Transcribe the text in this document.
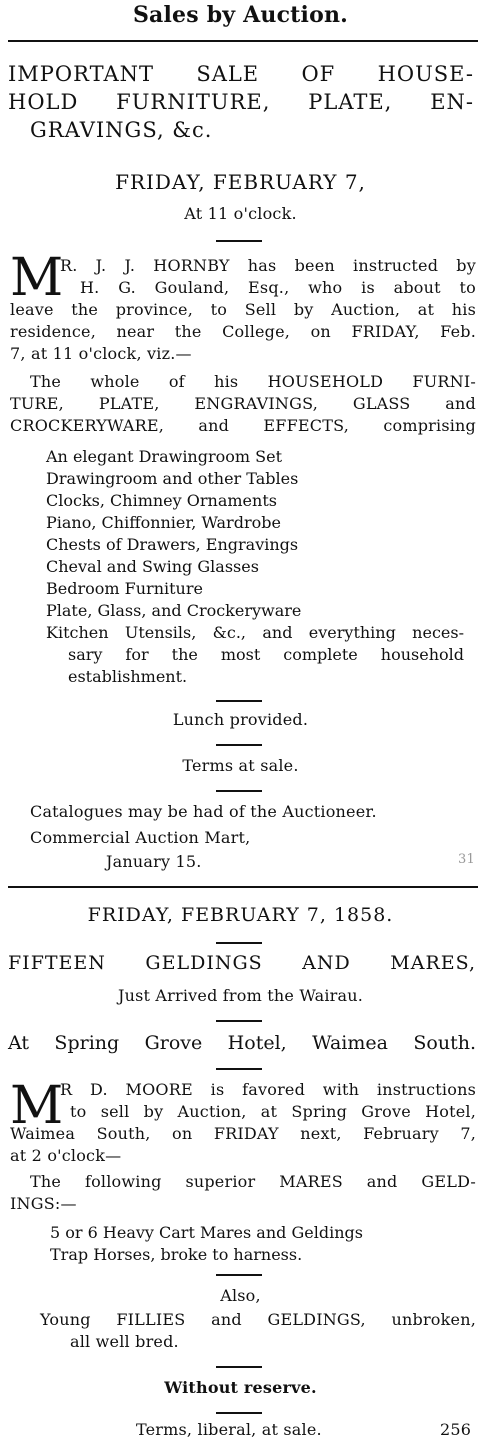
Sales by Auction.
IMPORTANT SALE OF HOUSE-
HOLD FURNITURE, PLATE, EN-
GRAVINGS, &c.
FRIDAY, FEBRUARY 7,
At 11 o'clock.
M
R. J. J. HORNBY has been instructed by
H. G. Gouland, Esq., who is about to
leave the province, to Sell by Auction, at his
residence, near the College, on FRIDAY, Feb.
7, at 11 o'clock, viz.—
The whole of his HOUSEHOLD FURNI-
TURE, PLATE, ENGRAVINGS, GLASS and
CROCKERYWARE, and EFFECTS, comprising
An elegant Drawingroom Set
Drawingroom and other Tables
Clocks, Chimney Ornaments
Piano, Chiffonnier, Wardrobe
Chests of Drawers, Engravings
Cheval and Swing Glasses
Bedroom Furniture
Plate, Glass, and Crockeryware
Kitchen Utensils, &c., and everything neces-
sary for the most complete household
establishment.
Lunch provided.
Terms at sale.
Catalogues may be had of the Auctioneer.
Commercial Auction Mart,
January 15.	31
FRIDAY, FEBRUARY 7, 1858.
FIFTEEN GELDINGS AND MARES,
Just Arrived from the Wairau.
At Spring Grove Hotel, Waimea South.
M
R D. MOORE is favored with instructions
to sell by Auction, at Spring Grove Hotel,
Waimea South, on FRIDAY next, February 7,
at 2 o'clock—
The following superior MARES and GELD-
INGS:—
5 or 6 Heavy Cart Mares and Geldings
Trap Horses, broke to harness.
Also,
Young FILLIES and GELDINGS, unbroken,
all well bred.
Without reserve.
Terms, liberal, at sale.	256
